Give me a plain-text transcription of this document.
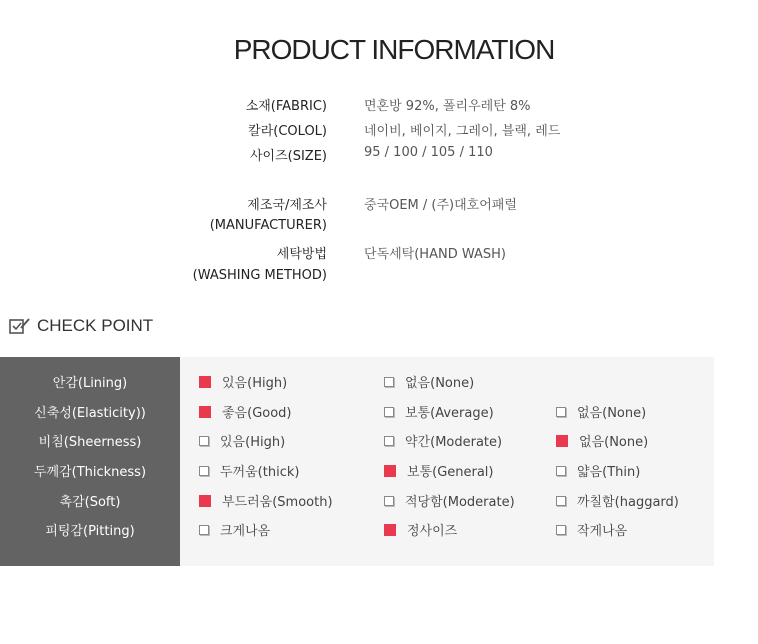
PRODUCT INFORMATION
소재(FABRIC)	면혼방 92%, 폴리우레탄 8%
칼라(COLOL)	네이비, 베이지, 그레이, 블랙, 레드
사이즈(SIZE)	95 / 100 / 105 / 110
제조국/제조사
(MANUFACTURER)
중국OEM / (주)대호어패럴
세탁방법
(WASHING METHOD)
단독세탁(HAND WASH)
CHECK POINT
안감(Lining)	있음(High)	없음(None)
신축성(Elasticity))	좋음(Good)	보통(Average)	없음(None)
비침(Sheerness)	있음(High)	약간(Moderate)	없음(None)
두께감(Thickness)	두꺼움(thick)	보통(General)	얇음(Thin)
촉감(Soft)	부드러움(Smooth)	적당함(Moderate)	까칠함(haggard)
피팅감(Pitting)	크게나옴	정사이즈	작게나옴
